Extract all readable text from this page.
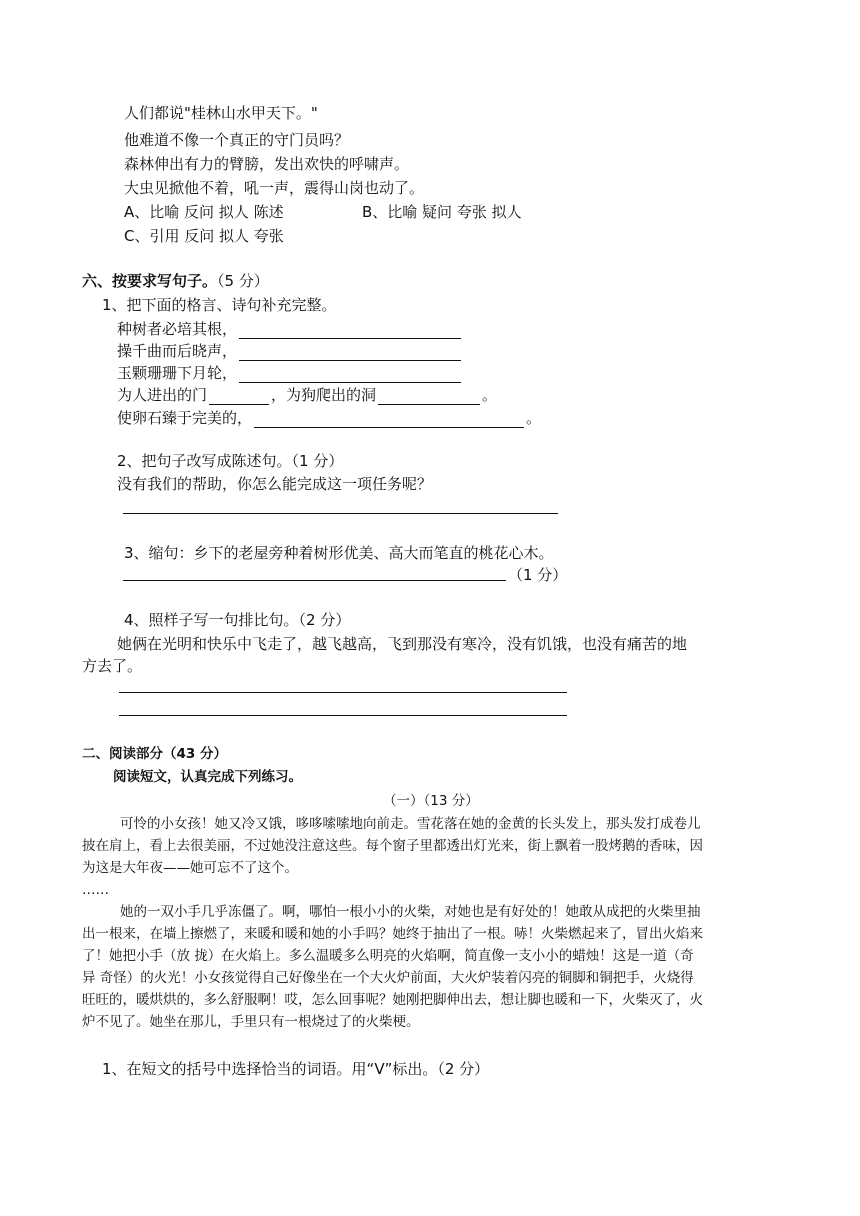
人们都说"桂林山水甲天下。"
他难道不像一个真正的守门员吗？
森林伸出有力的臂膀，发出欢快的呼啸声。
大虫见掀他不着，吼一声，震得山岗也动了。
A、比喻 反问 拟人 陈述	B、比喻 疑问 夸张 拟人
C、引用 反问 拟人 夸张
六、按要求写句子。（5 分）
1、把下面的格言、诗句补充完整。
种树者必培其根，
操千曲而后晓声，
玉颗珊珊下月轮，
为人进出的门	，为狗爬出的洞	。
使卵石臻于完美的，	。
2、把句子改写成陈述句。（1 分）
没有我们的帮助，你怎么能完成这一项任务呢？
3、缩句：乡下的老屋旁种着树形优美、高大而笔直的桃花心木。
（1 分）
4、照样子写一句排比句。（2 分）
她俩在光明和快乐中飞走了，越飞越高，飞到那没有寒冷，没有饥饿，也没有痛苦的地
方去了。
二、阅读部分（43 分）
阅读短文，认真完成下列练习。
（一）（13 分）
可怜的小女孩！她又冷又饿，哆哆嗦嗦地向前走。雪花落在她的金黄的长头发上，那头发打成卷儿
披在肩上，看上去很美丽，不过她没注意这些。每个窗子里都透出灯光来，街上飘着一股烤鹅的香味，因
为这是大年夜——她可忘不了这个。
……
她的一双小手几乎冻僵了。啊，哪怕一根小小的火柴，对她也是有好处的！她敢从成把的火柴里抽
出一根来，在墙上擦燃了，来暖和暖和她的小手吗？她终于抽出了一根。哧！火柴燃起来了，冒出火焰来
了！她把小手（放 拢）在火焰上。多么温暖多么明亮的火焰啊，简直像一支小小的蜡烛！这是一道（奇
异 奇怪）的火光！小女孩觉得自己好像坐在一个大火炉前面，大火炉装着闪亮的铜脚和铜把手，火烧得
旺旺的，暖烘烘的，多么舒服啊！哎，怎么回事呢？她刚把脚伸出去，想让脚也暖和一下，火柴灭了，火
炉不见了。她坐在那儿，手里只有一根烧过了的火柴梗。
1、在短文的括号中选择恰当的词语。用“V”标出。（2 分）
